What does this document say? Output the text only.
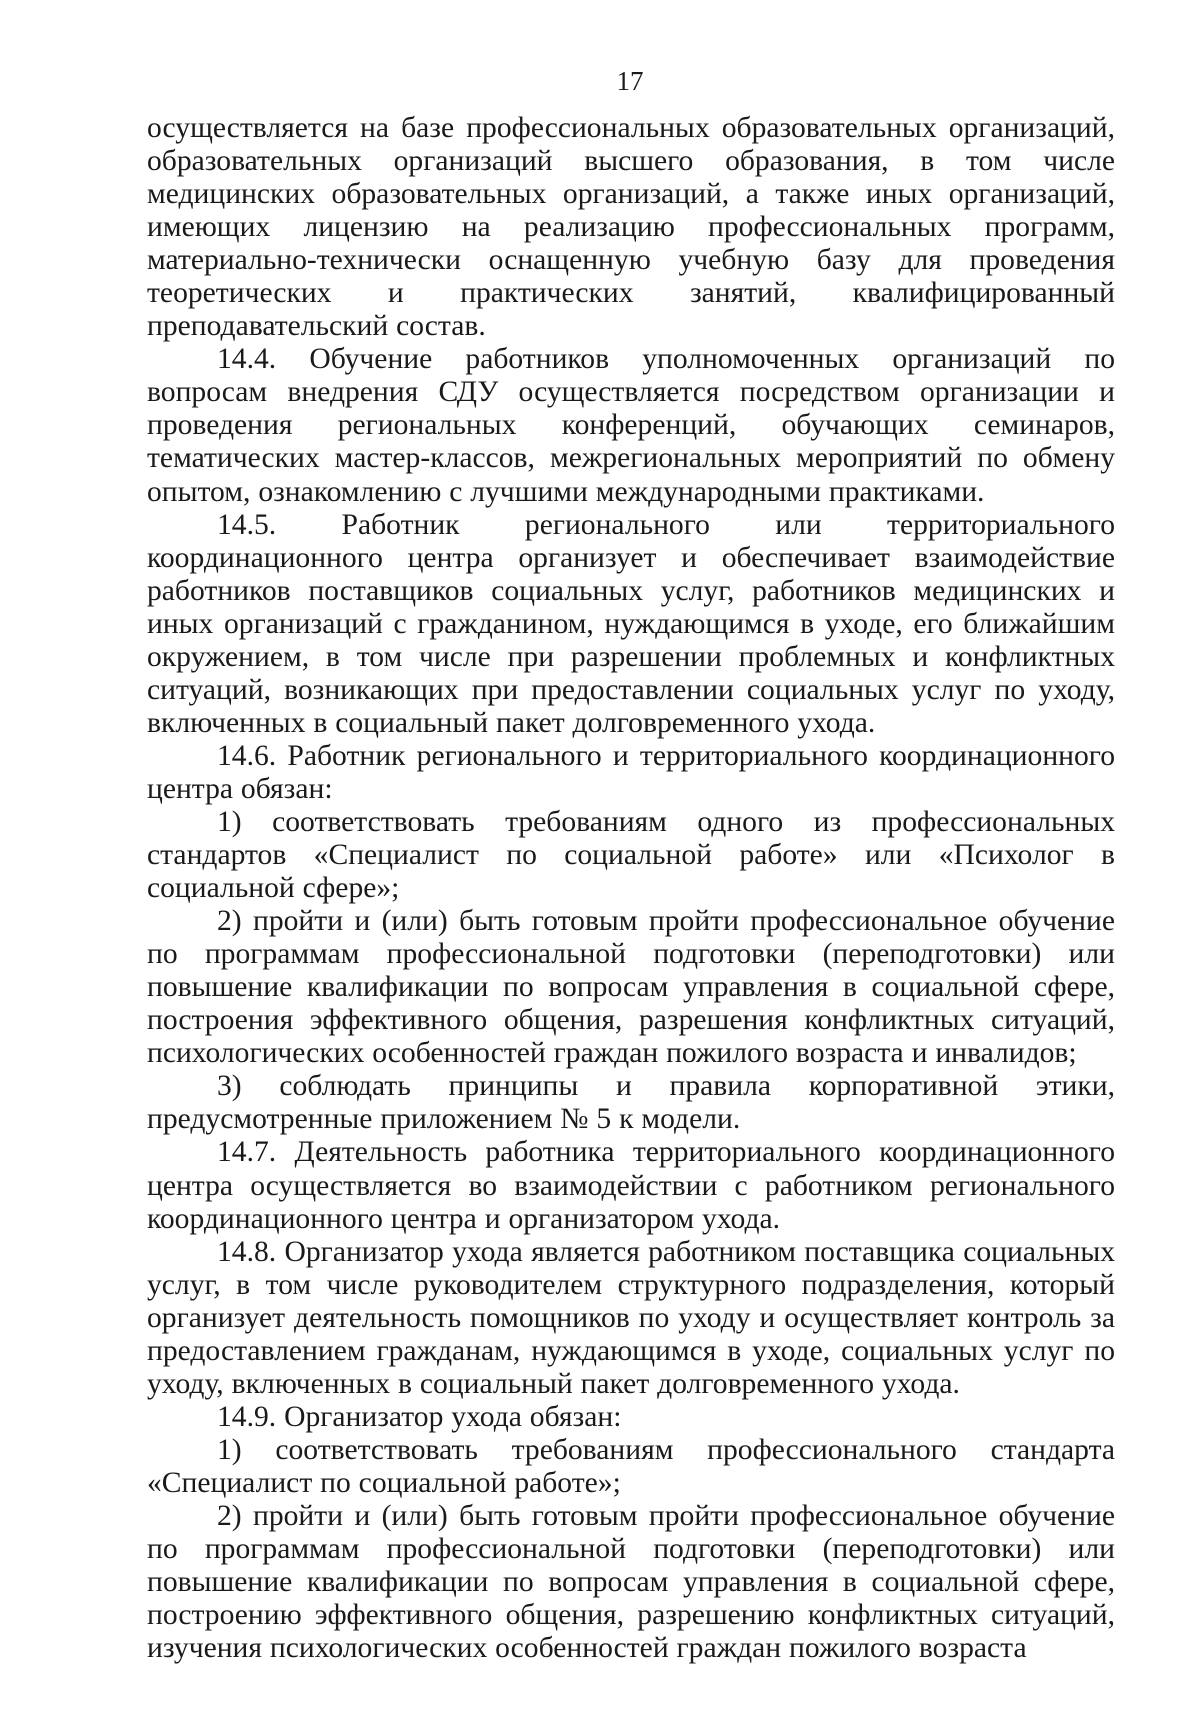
17

осуществляется на базе профессиональных образовательных организаций, образовательных организаций высшего образования, в том числе медицинских образовательных организаций, а также иных организаций, имеющих лицензию на реализацию профессиональных программ, материально-технически оснащенную учебную базу для проведения теоретических и практических занятий, квалифицированный преподавательский состав.

14.4. Обучение работников уполномоченных организаций по вопросам внедрения СДУ осуществляется посредством организации и проведения региональных конференций, обучающих семинаров, тематических мастер-классов, межрегиональных мероприятий по обмену опытом, ознакомлению с лучшими международными практиками.

14.5. Работник регионального или территориального координационного центра организует и обеспечивает взаимодействие работников поставщиков социальных услуг, работников медицинских и иных организаций с гражданином, нуждающимся в уходе, его ближайшим окружением, в том числе при разрешении проблемных и конфликтных ситуаций, возникающих при предоставлении социальных услуг по уходу, включенных в социальный пакет долговременного ухода.

14.6. Работник регионального и территориального координационного центра обязан:

1) соответствовать требованиям одного из профессиональных стандартов «Специалист по социальной работе» или «Психолог в социальной сфере»;

2) пройти и (или) быть готовым пройти профессиональное обучение по программам профессиональной подготовки (переподготовки) или повышение квалификации по вопросам управления в социальной сфере, построения эффективного общения, разрешения конфликтных ситуаций, психологических особенностей граждан пожилого возраста и инвалидов;

3) соблюдать принципы и правила корпоративной этики, предусмотренные приложением № 5 к модели.

14.7. Деятельность работника территориального координационного центра осуществляется во взаимодействии с работником регионального координационного центра и организатором ухода.

14.8. Организатор ухода является работником поставщика социальных услуг, в том числе руководителем структурного подразделения, который организует деятельность помощников по уходу и осуществляет контроль за предоставлением гражданам, нуждающимся в уходе, социальных услуг по уходу, включенных в социальный пакет долговременного ухода.

14.9. Организатор ухода обязан:

1) соответствовать требованиям профессионального стандарта «Специалист по социальной работе»;

2) пройти и (или) быть готовым пройти профессиональное обучение по программам профессиональной подготовки (переподготовки) или повышение квалификации по вопросам управления в социальной сфере, построению эффективного общения, разрешению конфликтных ситуаций, изучения психологических особенностей граждан пожилого возраста
